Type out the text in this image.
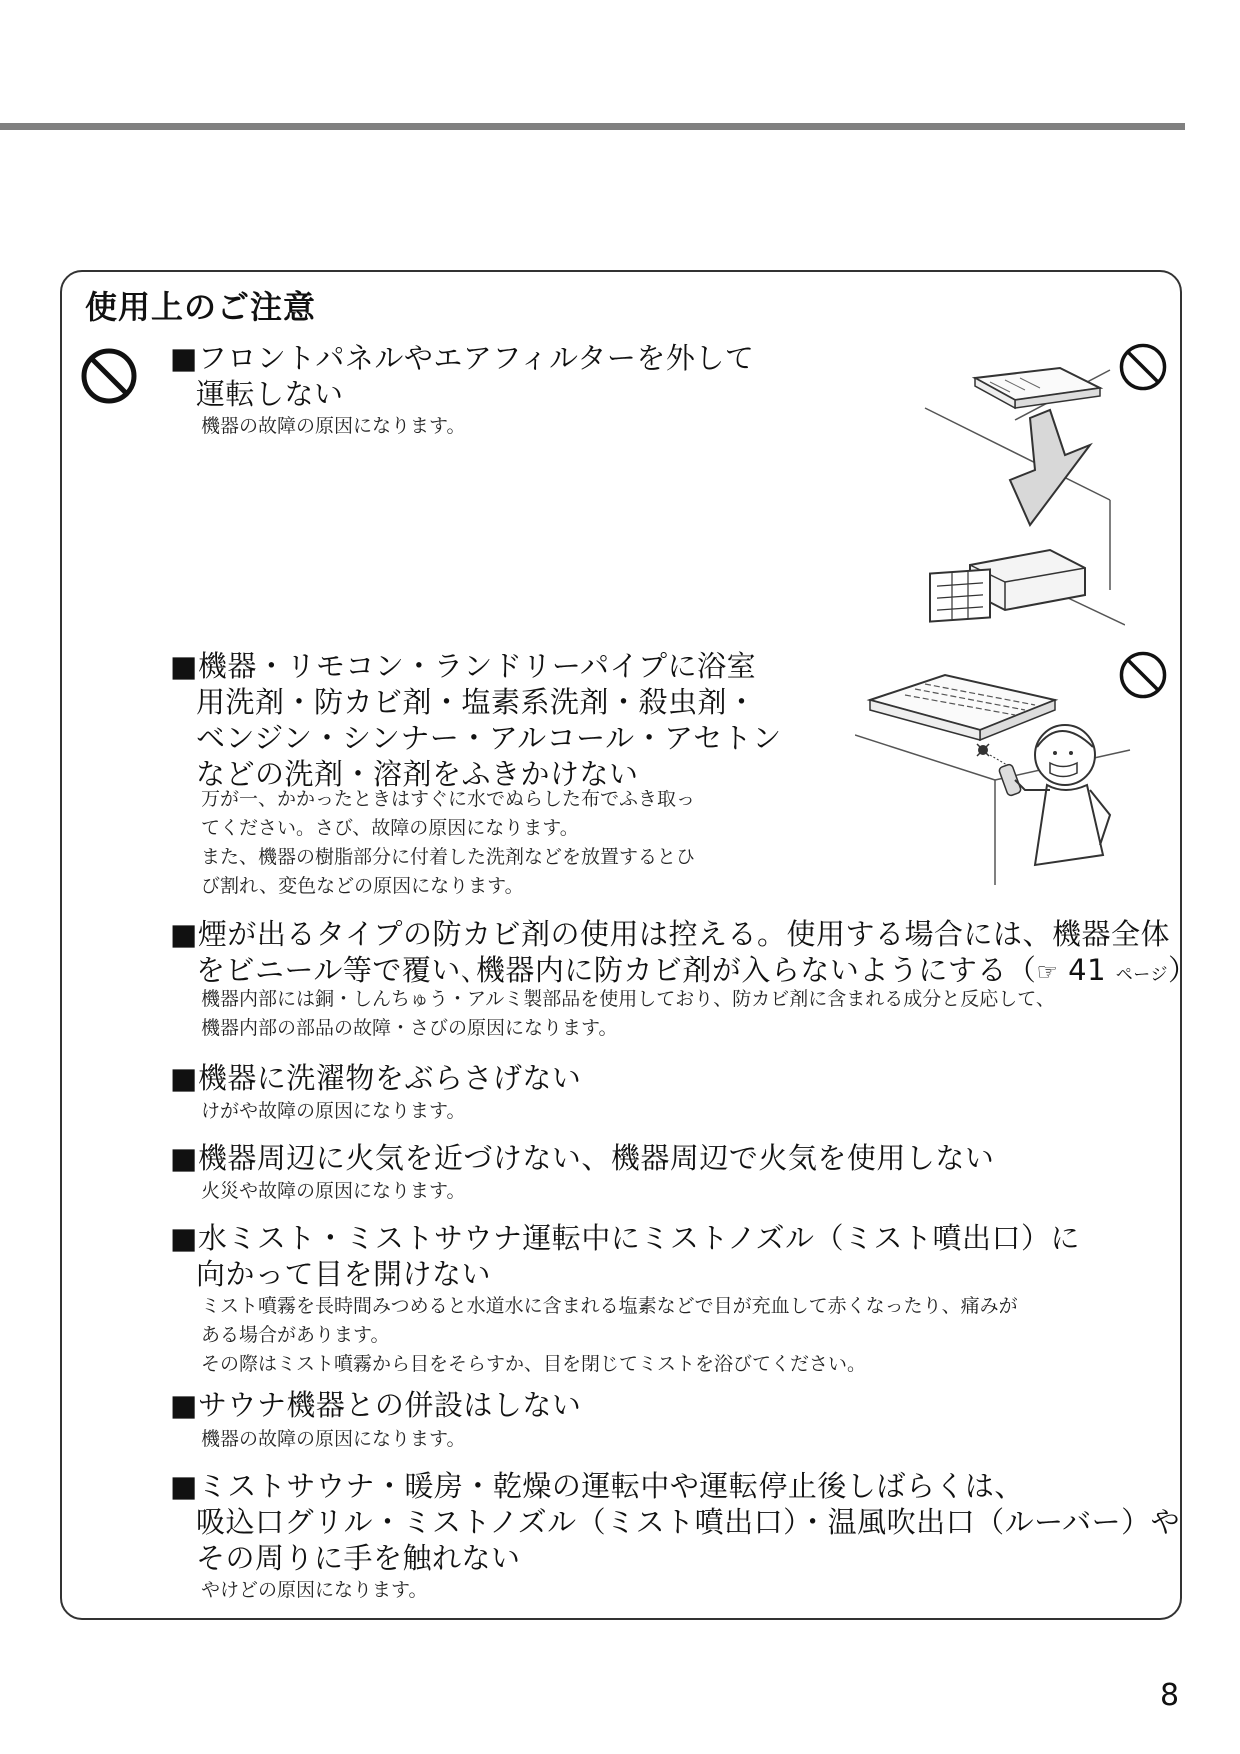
使用上のご注意
■フロントパネルやエアフィルターを外して
運転しない

機器の故障の原因になります。

■機器・リモコン・ランドリーパイプに浴室
用洗剤・防カビ剤・塩素系洗剤・殺虫剤・
ベンジン・シンナー・アルコール・アセトン
などの洗剤・溶剤をふきかけない

万が一、かかったときはすぐに水でぬらした布でふき取っ
てください。さび、故障の原因になります。
また、機器の樹脂部分に付着した洗剤などを放置するとひ
び割れ、変色などの原因になります。

■煙が出るタイプの防カビ剤の使用は控える。使用する場合には、機器全体
をビニール等で覆い､機器内に防カビ剤が入らないようにする（☞ 41 ページ）

機器内部には銅・しんちゅう・アルミ製部品を使用しており、防カビ剤に含まれる成分と反応して、
機器内部の部品の故障・さびの原因になります。

■機器に洗濯物をぶらさげない

けがや故障の原因になります。

■機器周辺に火気を近づけない、機器周辺で火気を使用しない

火災や故障の原因になります。

■水ミスト・ミストサウナ運転中にミストノズル（ミスト噴出口）に
向かって目を開けない

ミスト噴霧を長時間みつめると水道水に含まれる塩素などで目が充血して赤くなったり、痛みが
ある場合があります。
その際はミスト噴霧から目をそらすか、目を閉じてミストを浴びてください。

■サウナ機器との併設はしない

機器の故障の原因になります。

■ミストサウナ・暖房・乾燥の運転中や運転停止後しばらくは、
吸込口グリル・ミストノズル（ミスト噴出口）・温風吹出口（ルーバー）や
その周りに手を触れない

やけどの原因になります。

8
